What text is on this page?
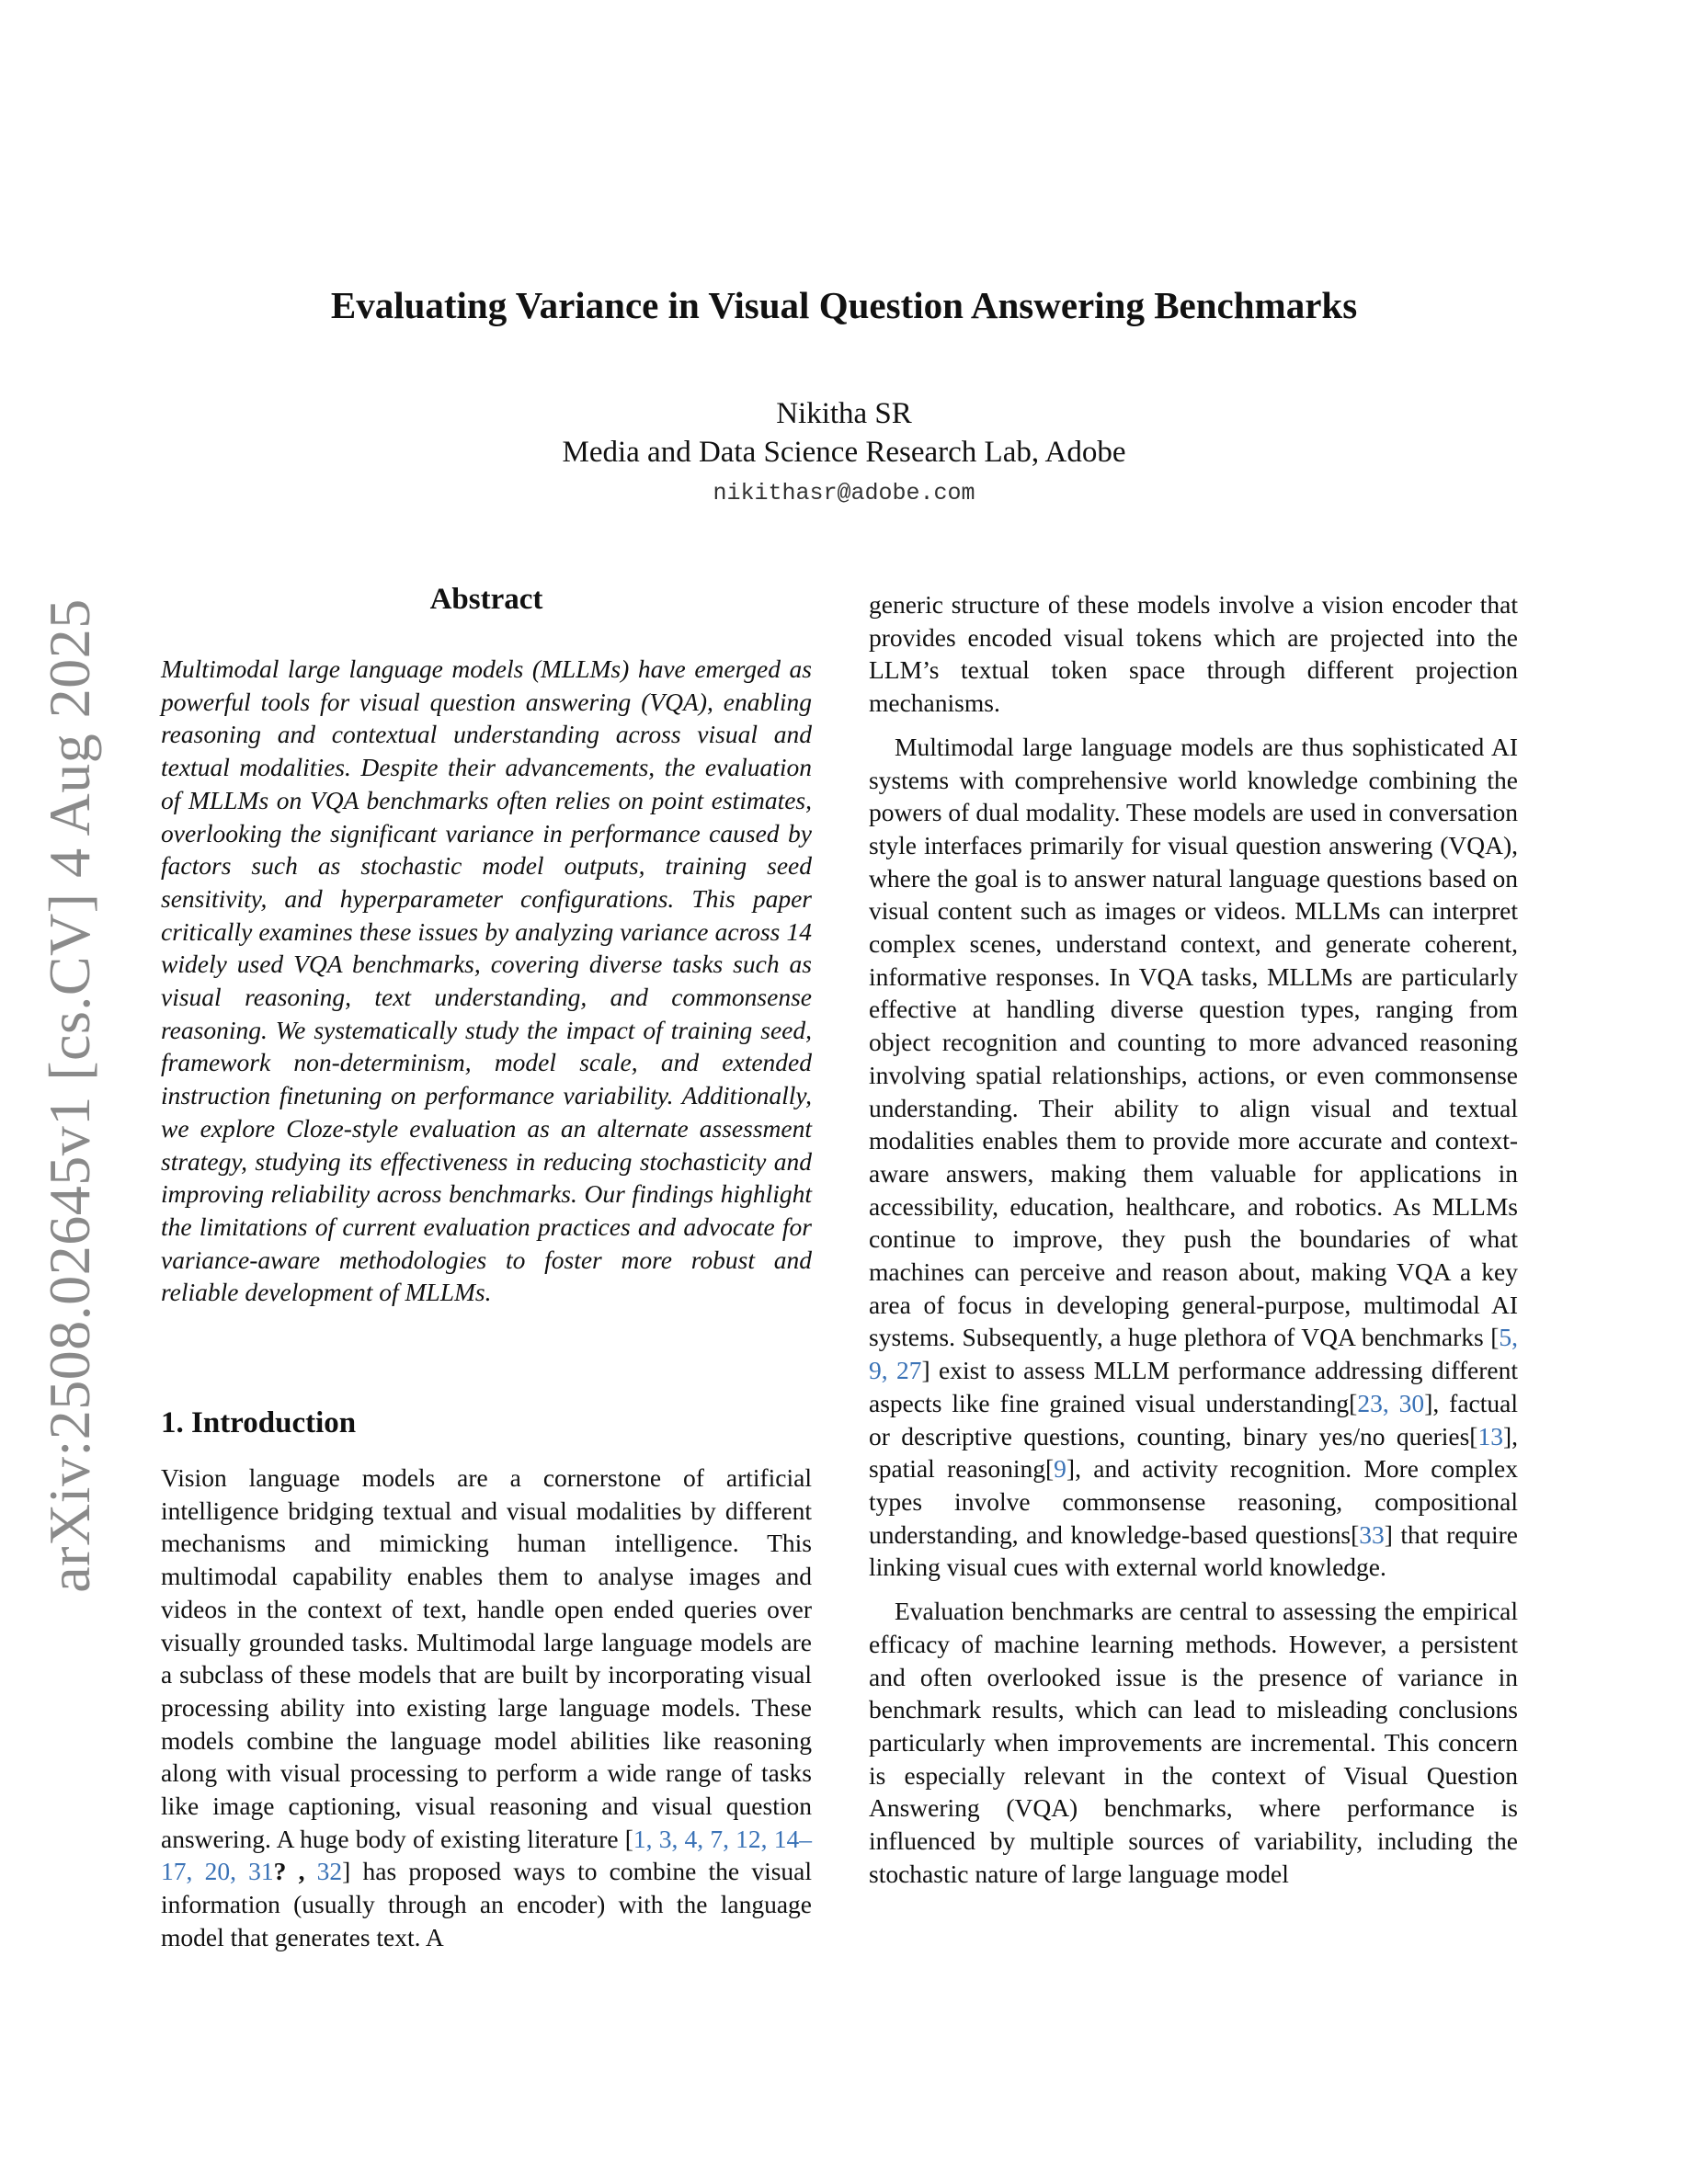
arXiv:2508.02645v1 [cs.CV] 4 Aug 2025
Evaluating Variance in Visual Question Answering Benchmarks
Nikitha SR
Media and Data Science Research Lab, Adobe
nikithasr@adobe.com
Abstract

Multimodal large language models (MLLMs) have emerged as powerful tools for visual question answering (VQA), enabling reasoning and contextual understanding across visual and textual modalities. Despite their advancements, the evaluation of MLLMs on VQA benchmarks often relies on point estimates, overlooking the significant variance in performance caused by factors such as stochastic model outputs, training seed sensitivity, and hyperparameter configurations. This paper critically examines these issues by analyzing variance across 14 widely used VQA benchmarks, covering diverse tasks such as visual reasoning, text understanding, and commonsense reasoning. We systematically study the impact of training seed, framework non-determinism, model scale, and extended instruction finetuning on performance variability. Additionally, we explore Cloze-style evaluation as an alternate assessment strategy, studying its effectiveness in reducing stochasticity and improving reliability across benchmarks. Our findings highlight the limitations of current evaluation practices and advocate for variance-aware methodologies to foster more robust and reliable development of MLLMs.

1. Introduction

Vision language models are a cornerstone of artificial intelligence bridging textual and visual modalities by different mechanisms and mimicking human intelligence. This multimodal capability enables them to analyse images and videos in the context of text, handle open ended queries over visually grounded tasks. Multimodal large language models are a subclass of these models that are built by incorporating visual processing ability into existing large language models. These models combine the language model abilities like reasoning along with visual processing to perform a wide range of tasks like image captioning, visual reasoning and visual question answering. A huge body of existing literature [1, 3, 4, 7, 12, 14–17, 20, 31? , 32] has proposed ways to combine the visual information (usually through an encoder) with the language model that generates text. A

generic structure of these models involve a vision encoder that provides encoded visual tokens which are projected into the LLM’s textual token space through different projection mechanisms.

Multimodal large language models are thus sophisticated AI systems with comprehensive world knowledge combining the powers of dual modality. These models are used in conversation style interfaces primarily for visual question answering (VQA), where the goal is to answer natural language questions based on visual content such as images or videos. MLLMs can interpret complex scenes, understand context, and generate coherent, informative responses. In VQA tasks, MLLMs are particularly effective at handling diverse question types, ranging from object recognition and counting to more advanced reasoning involving spatial relationships, actions, or even commonsense understanding. Their ability to align visual and textual modalities enables them to provide more accurate and context-aware answers, making them valuable for applications in accessibility, education, healthcare, and robotics. As MLLMs continue to improve, they push the boundaries of what machines can perceive and reason about, making VQA a key area of focus in developing general-purpose, multimodal AI systems. Subsequently, a huge plethora of VQA benchmarks [5, 9, 27] exist to assess MLLM performance addressing different aspects like fine grained visual understanding[23, 30], factual or descriptive questions, counting, binary yes/no queries[13], spatial reasoning[9], and activity recognition. More complex types involve commonsense reasoning, compositional understanding, and knowledge-based questions[33] that require linking visual cues with external world knowledge.

Evaluation benchmarks are central to assessing the empirical efficacy of machine learning methods. However, a persistent and often overlooked issue is the presence of variance in benchmark results, which can lead to misleading conclusions particularly when improvements are incremental. This concern is especially relevant in the context of Visual Question Answering (VQA) benchmarks, where performance is influenced by multiple sources of variability, including the stochastic nature of large language model
